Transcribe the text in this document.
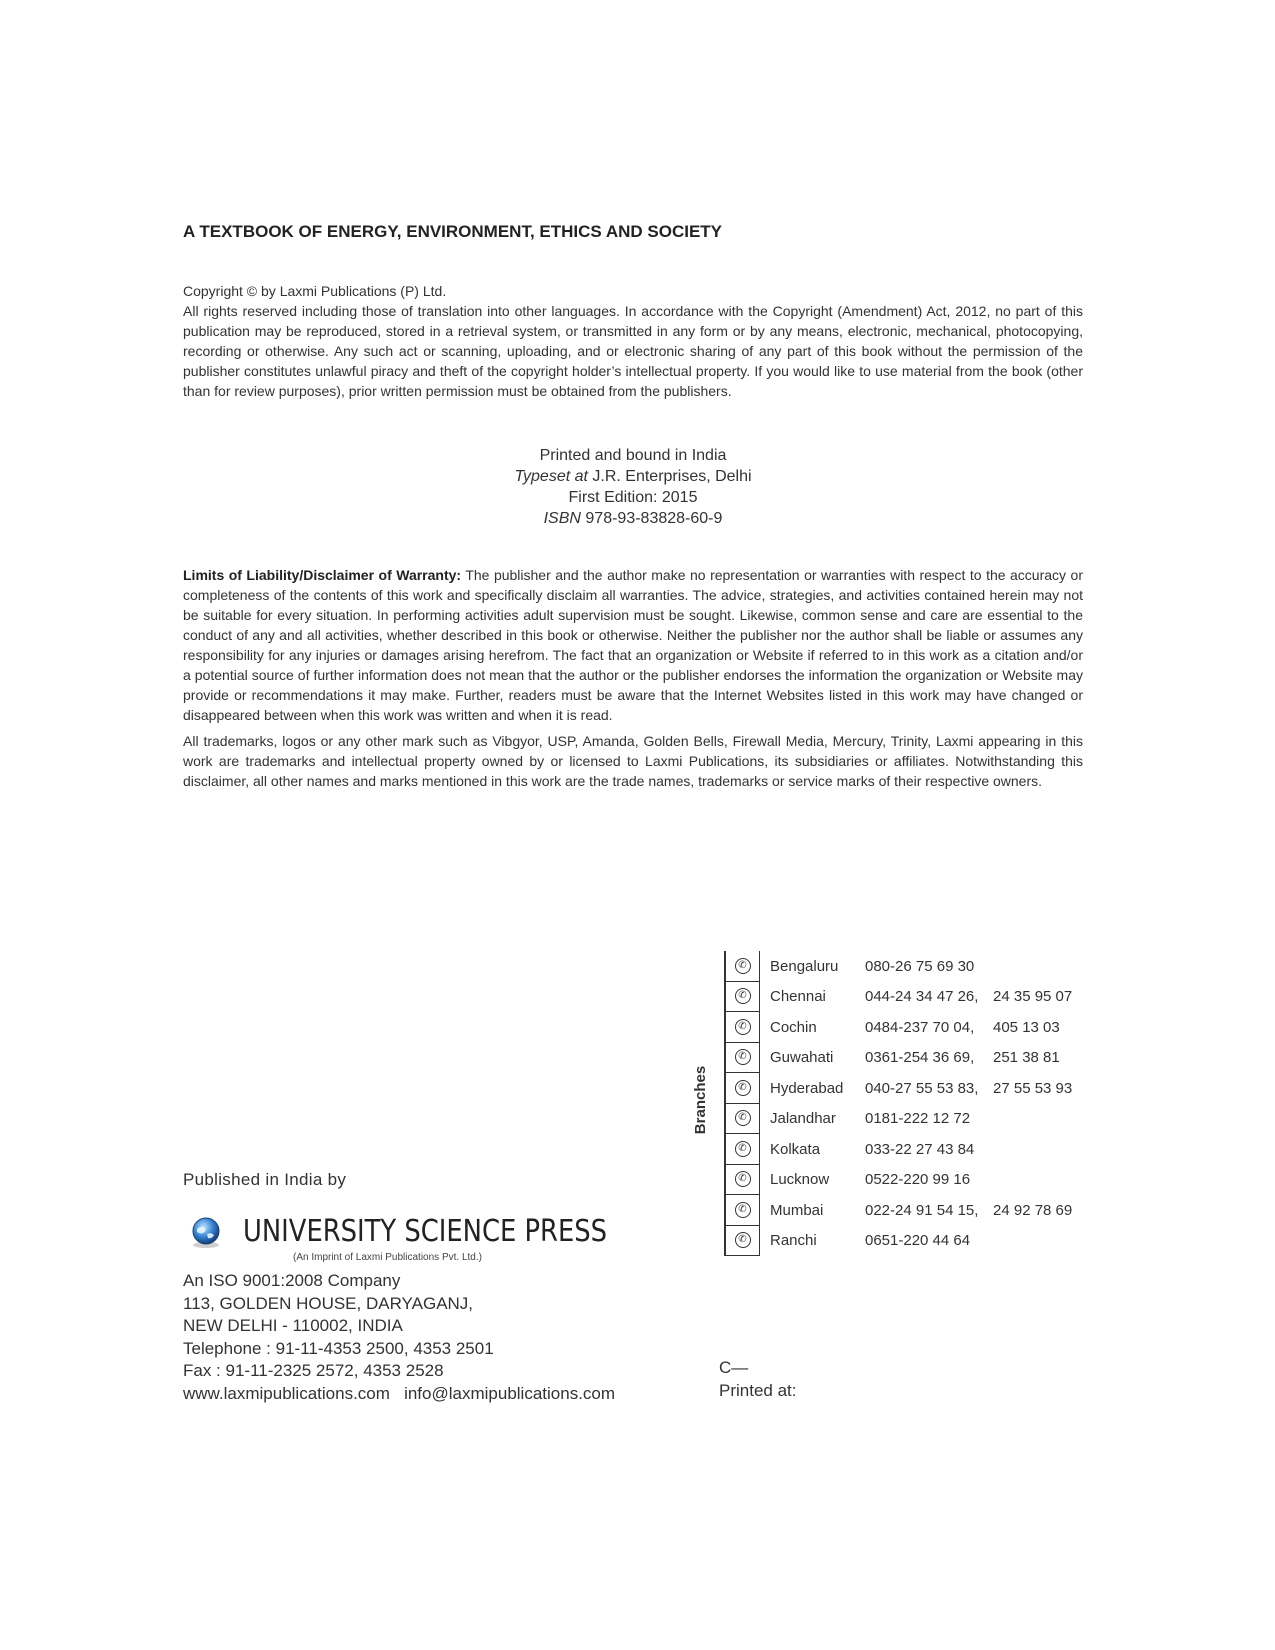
A TEXTBOOK OF ENERGY, ENVIRONMENT, ETHICS AND SOCIETY

Copyright © by Laxmi Publications (P) Ltd.

All rights reserved including those of translation into other languages. In accordance with the Copyright (Amendment) Act, 2012, no part of this publication may be reproduced, stored in a retrieval system, or transmitted in any form or by any means, electronic, mechanical, photocopying, recording or otherwise. Any such act or scanning, uploading, and or electronic sharing of any part of this book without the permission of the publisher constitutes unlawful piracy and theft of the copyright holder’s intellectual property. If you would like to use material from the book (other than for review purposes), prior written permission must be obtained from the publishers.

Printed and bound in India
Typeset at J.R. Enterprises, Delhi
First Edition: 2015
ISBN 978-93-83828-60-9

Limits of Liability/Disclaimer of Warranty: The publisher and the author make no representation or warranties with respect to the accuracy or completeness of the contents of this work and specifically disclaim all warranties. The advice, strategies, and activities contained herein may not be suitable for every situation. In performing activities adult supervision must be sought. Likewise, common sense and care are essential to the conduct of any and all activities, whether described in this book or otherwise. Neither the publisher nor the author shall be liable or assumes any responsibility for any injuries or damages arising herefrom. The fact that an organization or Website if referred to in this work as a citation and/or a potential source of further information does not mean that the author or the publisher endorses the information the organization or Website may provide or recommendations it may make. Further, readers must be aware that the Internet Websites listed in this work may have changed or disappeared between when this work was written and when it is read.

All trademarks, logos or any other mark such as Vibgyor, USP, Amanda, Golden Bells, Firewall Media, Mercury, Trinity, Laxmi appearing in this work are trademarks and intellectual property owned by or licensed to Laxmi Publications, its subsidiaries or affiliates. Notwithstanding this disclaimer, all other names and marks mentioned in this work are the trade names, trademarks or service marks of their respective owners.

Branches
✆ Bengaluru 080-26 75 69 30
✆ Chennai	044-24 34 47 26, 24 35 95 07
✆ Cochin	0484-237 70 04, 405 13 03
✆ Guwahati 0361-254 36 69, 251 38 81
✆ Hyderabad 040-27 55 53 83, 27 55 53 93
✆ Jalandhar 0181-222 12 72
✆ Kolkata	033-22 27 43 84
✆ Lucknow 0522-220 99 16
✆ Mumbai	022-24 91 54 15, 24 92 78 69
✆ Ranchi	0651-220 44 64
Published in India by
UNIVERSITY SCIENCE PRESS
(An Imprint of Laxmi Publications Pvt. Ltd.)
An ISO 9001:2008 Company
113, GOLDEN HOUSE, DARYAGANJ,
NEW DELHI - 110002, INDIA
Telephone : 91-11-4353 2500, 4353 2501
Fax : 91-11-2325 2572, 4353 2528
www.laxmipublications.com info@laxmipublications.com
C—
Printed at:
